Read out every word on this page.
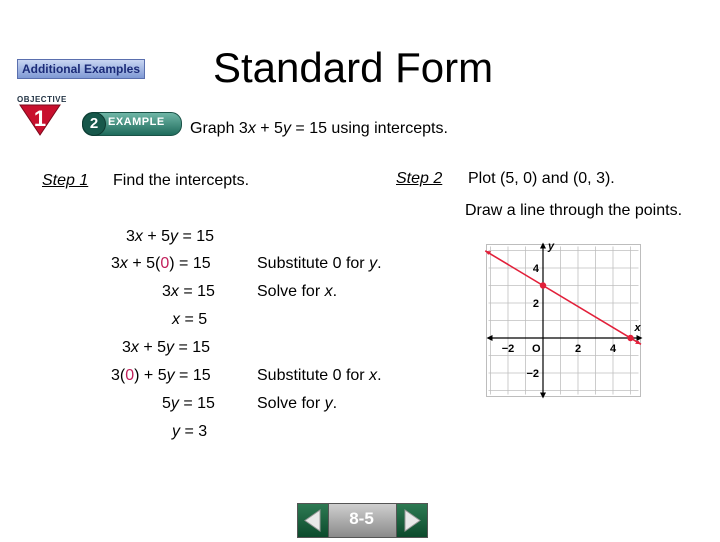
Additional Examples
OBJECTIVE
1	2 EXAMPLE
Standard Form
Graph 3x + 5y = 15 using intercepts.
Step 1 Find the intercepts.	Step 2 Plot (5, 0) and (0, 3).
Draw a line through the points.
3x + 5y = 15
3x + 5(0) = 15	Substitute 0 for y.
3x = 15	Solve for x.
x = 5
3x + 5y = 15
3(0) + 5y = 15	Substitute 0 for x.
5y = 15	Solve for y.
y = 3
x
y
O
−2	2	4
−2
2
4
8-5
